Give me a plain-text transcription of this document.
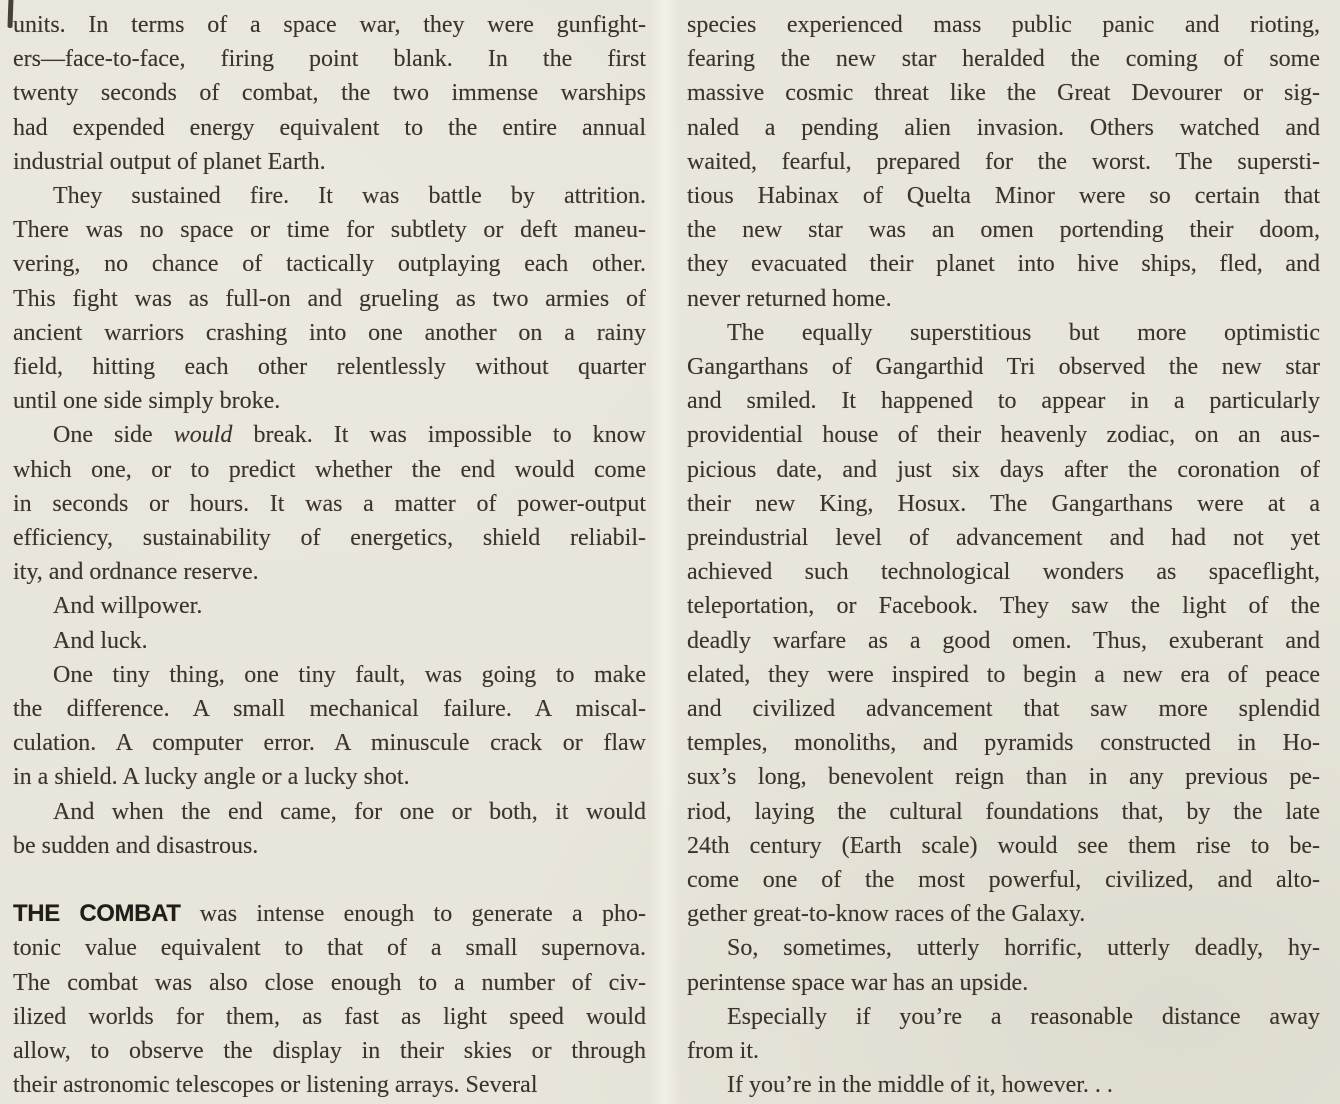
units. In terms of a space war, they were gunfight-
ers—face-to-face, firing point blank. In the first
twenty seconds of combat, the two immense warships
had expended energy equivalent to the entire annual
industrial output of planet Earth.
They sustained fire. It was battle by attrition.
There was no space or time for subtlety or deft maneu-
vering, no chance of tactically outplaying each other.
This fight was as full-on and grueling as two armies of
ancient warriors crashing into one another on a rainy
field, hitting each other relentlessly without quarter
until one side simply broke.
One side would break. It was impossible to know
which one, or to predict whether the end would come
in seconds or hours. It was a matter of power-output
efficiency, sustainability of energetics, shield reliabil-
ity, and ordnance reserve.
And willpower.
And luck.
One tiny thing, one tiny fault, was going to make
the difference. A small mechanical failure. A miscal-
culation. A computer error. A minuscule crack or flaw
in a shield. A lucky angle or a lucky shot.
And when the end came, for one or both, it would
be sudden and disastrous.
THE COMBAT was intense enough to generate a pho-
tonic value equivalent to that of a small supernova.
The combat was also close enough to a number of civ-
ilized worlds for them, as fast as light speed would
allow, to observe the display in their skies or through
their astronomic telescopes or listening arrays. Several
species experienced mass public panic and rioting,
fearing the new star heralded the coming of some
massive cosmic threat like the Great Devourer or sig-
naled a pending alien invasion. Others watched and
waited, fearful, prepared for the worst. The supersti-
tious Habinax of Quelta Minor were so certain that
the new star was an omen portending their doom,
they evacuated their planet into hive ships, fled, and
never returned home.
The equally superstitious but more optimistic
Gangarthans of Gangarthid Tri observed the new star
and smiled. It happened to appear in a particularly
providential house of their heavenly zodiac, on an aus-
picious date, and just six days after the coronation of
their new King, Hosux. The Gangarthans were at a
preindustrial level of advancement and had not yet
achieved such technological wonders as spaceflight,
teleportation, or Facebook. They saw the light of the
deadly warfare as a good omen. Thus, exuberant and
elated, they were inspired to begin a new era of peace
and civilized advancement that saw more splendid
temples, monoliths, and pyramids constructed in Ho-
sux’s long, benevolent reign than in any previous pe-
riod, laying the cultural foundations that, by the late
24th century (Earth scale) would see them rise to be-
come one of the most powerful, civilized, and alto-
gether great-to-know races of the Galaxy.
So, sometimes, utterly horrific, utterly deadly, hy-
perintense space war has an upside.
Especially if you’re a reasonable distance away
from it.
If you’re in the middle of it, however. . .
